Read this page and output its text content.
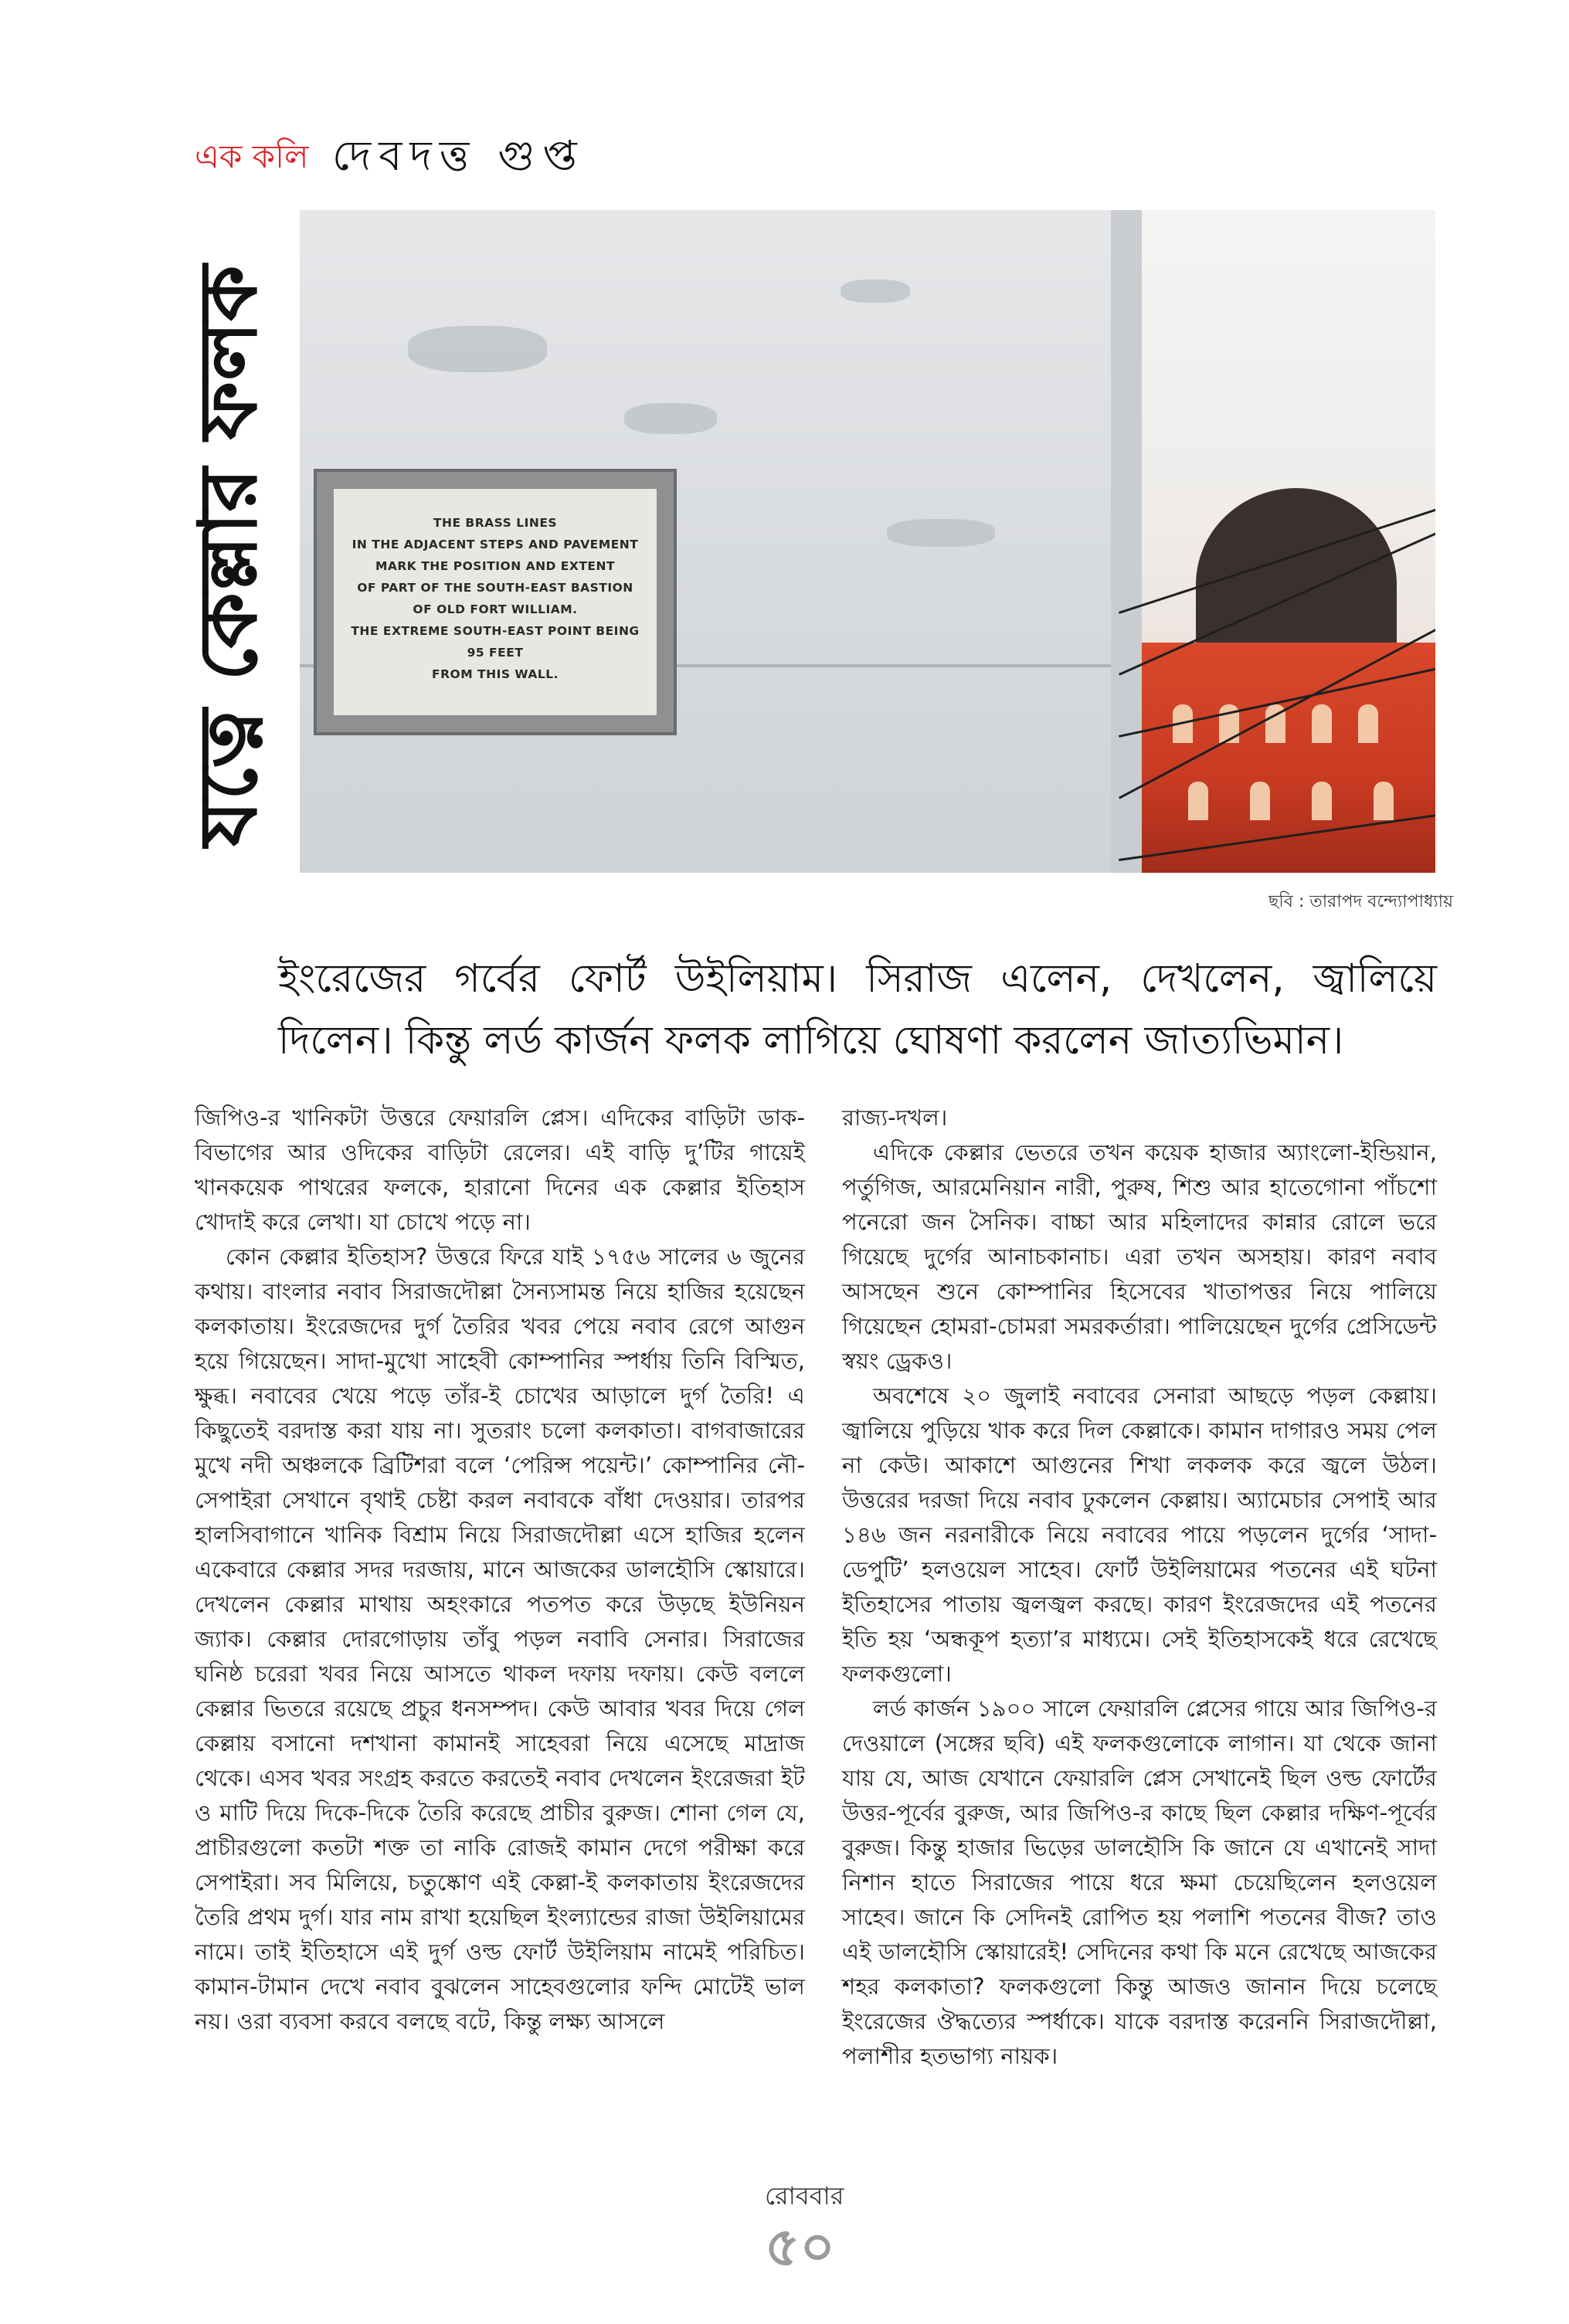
এক কলি দেবদত্ত গুপ্ত
যত্নে কেল্লার ফলক	THE BRASS LINES
IN THE ADJACENT STEPS AND PAVEMENT
MARK THE POSITION AND EXTENT
OF PART OF THE SOUTH-EAST BASTION
OF OLD FORT WILLIAM.
THE EXTREME SOUTH-EAST POINT BEING
95 FEET
FROM THIS WALL.
ছবি : তারাপদ বন্দ্যোপাধ্যায়
ইংরেজের গর্বের ফোর্ট উইলিয়াম। সিরাজ এলেন, দেখলেন, জ্বালিয়ে দিলেন। কিন্তু লর্ড কার্জন ফলক লাগিয়ে ঘোষণা করলেন জাত্যভিমান।

জিপিও-র খানিকটা উত্তরে ফেয়ারলি প্লেস। এদিকের বাড়িটা ডাক-বিভাগের আর ওদিকের বাড়িটা রেলের। এই বাড়ি দু’টির গায়েই খানকয়েক পাথরের ফলকে, হারানো দিনের এক কেল্লার ইতিহাস খোদাই করে লেখা। যা চোখে পড়ে না।

কোন কেল্লার ইতিহাস? উত্তরে ফিরে যাই ১৭৫৬ সালের ৬ জুনের কথায়। বাংলার নবাব সিরাজদৌল্লা সৈন্যসামন্ত নিয়ে হাজির হয়েছেন কলকাতায়। ইংরেজদের দুর্গ তৈরির খবর পেয়ে নবাব রেগে আগুন হয়ে গিয়েছেন। সাদা-মুখো সাহেবী কোম্পানির স্পর্ধায় তিনি বিস্মিত, ক্ষুব্ধ। নবাবের খেয়ে পড়ে তাঁর-ই চোখের আড়ালে দুর্গ তৈরি! এ কিছুতেই বরদাস্ত করা যায় না। সুতরাং চলো কলকাতা। বাগবাজারের মুখে নদী অঞ্চলকে ব্রিটিশরা বলে ‘পেরিন্স পয়েন্ট।’ কোম্পানির নৌ-সেপাইরা সেখানে বৃথাই চেষ্টা করল নবাবকে বাঁধা দেওয়ার। তারপর হালসিবাগানে খানিক বিশ্রাম নিয়ে সিরাজদৌল্লা এসে হাজির হলেন একেবারে কেল্লার সদর দরজায়, মানে আজকের ডালহৌসি স্কোয়ারে। দেখলেন কেল্লার মাথায় অহংকারে পতপত করে উড়ছে ইউনিয়ন জ্যাক। কেল্লার দোরগোড়ায় তাঁবু পড়ল নবাবি সেনার। সিরাজের ঘনিষ্ঠ চরেরা খবর নিয়ে আসতে থাকল দফায় দফায়। কেউ বললে কেল্লার ভিতরে রয়েছে প্রচুর ধনসম্পদ। কেউ আবার খবর দিয়ে গেল কেল্লায় বসানো দশখানা কামানই সাহেবরা নিয়ে এসেছে মাদ্রাজ থেকে। এসব খবর সংগ্রহ করতে করতেই নবাব দেখলেন ইংরেজরা ইট ও মাটি দিয়ে দিকে-দিকে তৈরি করেছে প্রাচীর বুরুজ। শোনা গেল যে, প্রাচীরগুলো কতটা শক্ত তা নাকি রোজই কামান দেগে পরীক্ষা করে সেপাইরা। সব মিলিয়ে, চতুষ্কোণ এই কেল্লা-ই কলকাতায় ইংরেজদের তৈরি প্রথম দুর্গ। যার নাম রাখা হয়েছিল ইংল্যান্ডের রাজা উইলিয়ামের নামে। তাই ইতিহাসে এই দুর্গ ওল্ড ফোর্ট উইলিয়াম নামেই পরিচিত। কামান-টামান দেখে নবাব বুঝলেন সাহেবগুলোর ফন্দি মোটেই ভাল নয়। ওরা ব্যবসা করবে বলছে বটে, কিন্তু লক্ষ্য আসলে

রাজ্য-দখল।

এদিকে কেল্লার ভেতরে তখন কয়েক হাজার অ্যাংলো-ইন্ডিয়ান, পর্তুগিজ, আরমেনিয়ান নারী, পুরুষ, শিশু আর হাতেগোনা পাঁচশো পনেরো জন সৈনিক। বাচ্চা আর মহিলাদের কান্নার রোলে ভরে গিয়েছে দুর্গের আনাচকানাচ। এরা তখন অসহায়। কারণ নবাব আসছেন শুনে কোম্পানির হিসেবের খাতাপত্তর নিয়ে পালিয়ে গিয়েছেন হোমরা-চোমরা সমরকর্তারা। পালিয়েছেন দুর্গের প্রেসিডেন্ট স্বয়ং ড্রেকও।

অবশেষে ২০ জুলাই নবাবের সেনারা আছড়ে পড়ল কেল্লায়। জ্বালিয়ে পুড়িয়ে খাক করে দিল কেল্লাকে। কামান দাগারও সময় পেল না কেউ। আকাশে আগুনের শিখা লকলক করে জ্বলে উঠল। উত্তরের দরজা দিয়ে নবাব ঢুকলেন কেল্লায়। অ্যামেচার সেপাই আর ১৪৬ জন নরনারীকে নিয়ে নবাবের পায়ে পড়লেন দুর্গের ‘সাদা-ডেপুটি’ হলওয়েল সাহেব। ফোর্ট উইলিয়ামের পতনের এই ঘটনা ইতিহাসের পাতায় জ্বলজ্বল করছে। কারণ ইংরেজদের এই পতনের ইতি হয় ‘অন্ধকূপ হত্যা’র মাধ্যমে। সেই ইতিহাসকেই ধরে রেখেছে ফলকগুলো।

লর্ড কার্জন ১৯০০ সালে ফেয়ারলি প্লেসের গায়ে আর জিপিও-র দেওয়ালে (সঙ্গের ছবি) এই ফলকগুলোকে লাগান। যা থেকে জানা যায় যে, আজ যেখানে ফেয়ারলি প্লেস সেখানেই ছিল ওল্ড ফোর্টের উত্তর-পূর্বের বুরুজ, আর জিপিও-র কাছে ছিল কেল্লার দক্ষিণ-পূর্বের বুরুজ। কিন্তু হাজার ভিড়ের ডালহৌসি কি জানে যে এখানেই সাদা নিশান হাতে সিরাজের পায়ে ধরে ক্ষমা চেয়েছিলেন হলওয়েল সাহেব। জানে কি সেদিনই রোপিত হয় পলাশি পতনের বীজ? তাও এই ডালহৌসি স্কোয়ারেই! সেদিনের কথা কি মনে রেখেছে আজকের শহর কলকাতা? ফলকগুলো কিন্তু আজও জানান দিয়ে চলেছে ইংরেজের ঔদ্ধত্যের স্পর্ধাকে। যাকে বরদাস্ত করেননি সিরাজদৌল্লা, পলাশীর হতভাগ্য নায়ক।

রোববার
৫০
